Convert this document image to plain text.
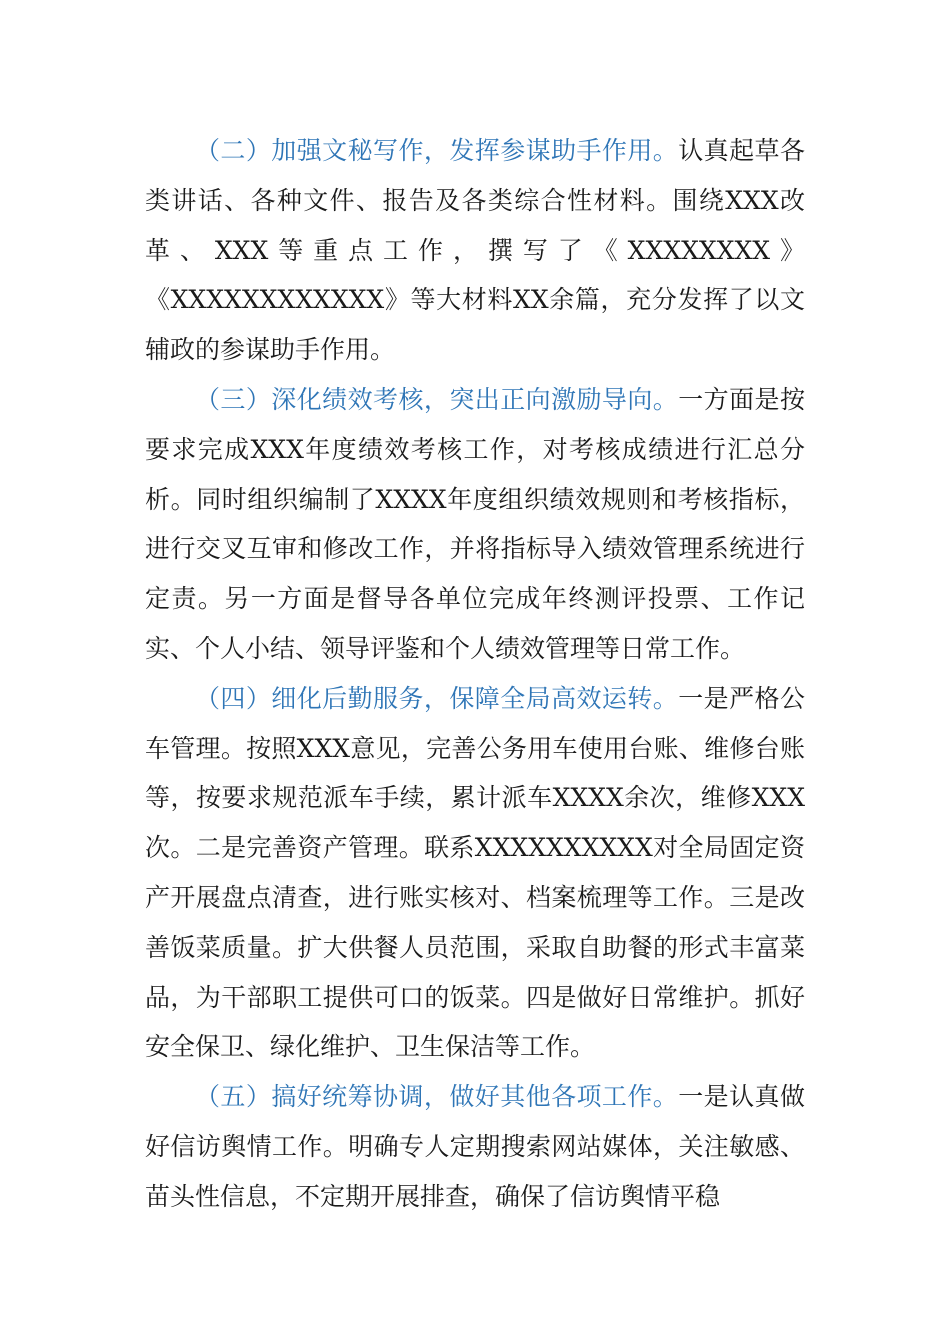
（二）加强文秘写作，发挥参谋助手作用。认真起草各类讲话、各种文件、报告及各类综合性材料。围绕XXX改革、XXX等重点工作，撰写了《XXXXXXXX》《XXXXXXXXXXXX》等大材料XX余篇，充分发挥了以文辅政的参谋助手作用。

（三）深化绩效考核，突出正向激励导向。一方面是按要求完成XXX年度绩效考核工作，对考核成绩进行汇总分析。同时组织编制了XXXX年度组织绩效规则和考核指标，进行交叉互审和修改工作，并将指标导入绩效管理系统进行定责。另一方面是督导各单位完成年终测评投票、工作记实、个人小结、领导评鉴和个人绩效管理等日常工作。

（四）细化后勤服务，保障全局高效运转。一是严格公车管理。按照XXX意见，完善公务用车使用台账、维修台账等，按要求规范派车手续，累计派车XXXX余次，维修XXX次。二是完善资产管理。联系XXXXXXXXXX对全局固定资产开展盘点清查，进行账实核对、档案梳理等工作。三是改善饭菜质量。扩大供餐人员范围，采取自助餐的形式丰富菜品，为干部职工提供可口的饭菜。四是做好日常维护。抓好安全保卫、绿化维护、卫生保洁等工作。

（五）搞好统筹协调，做好其他各项工作。一是认真做好信访舆情工作。明确专人定期搜索网站媒体，关注敏感、苗头性信息，不定期开展排查，确保了信访舆情平稳
